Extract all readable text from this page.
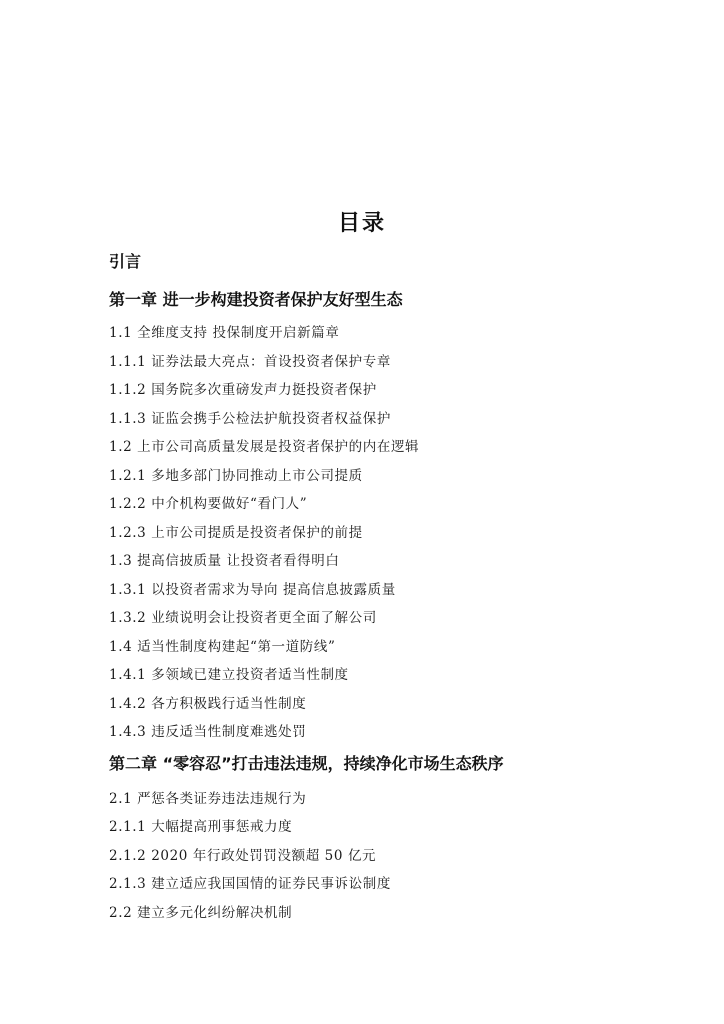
目录
引言
第一章 进一步构建投资者保护友好型生态
1.1 全维度支持 投保制度开启新篇章
1.1.1 证券法最大亮点：首设投资者保护专章
1.1.2 国务院多次重磅发声力挺投资者保护
1.1.3 证监会携手公检法护航投资者权益保护
1.2 上市公司高质量发展是投资者保护的内在逻辑
1.2.1 多地多部门协同推动上市公司提质
1.2.2 中介机构要做好“看门人”
1.2.3 上市公司提质是投资者保护的前提
1.3 提高信披质量 让投资者看得明白
1.3.1 以投资者需求为导向 提高信息披露质量
1.3.2 业绩说明会让投资者更全面了解公司
1.4 适当性制度构建起“第一道防线”
1.4.1 多领域已建立投资者适当性制度
1.4.2 各方积极践行适当性制度
1.4.3 违反适当性制度难逃处罚
第二章 “零容忍”打击违法违规，持续净化市场生态秩序
2.1 严惩各类证券违法违规行为
2.1.1 大幅提高刑事惩戒力度
2.1.2 2020 年行政处罚罚没额超 50 亿元
2.1.3 建立适应我国国情的证券民事诉讼制度
2.2 建立多元化纠纷解决机制
